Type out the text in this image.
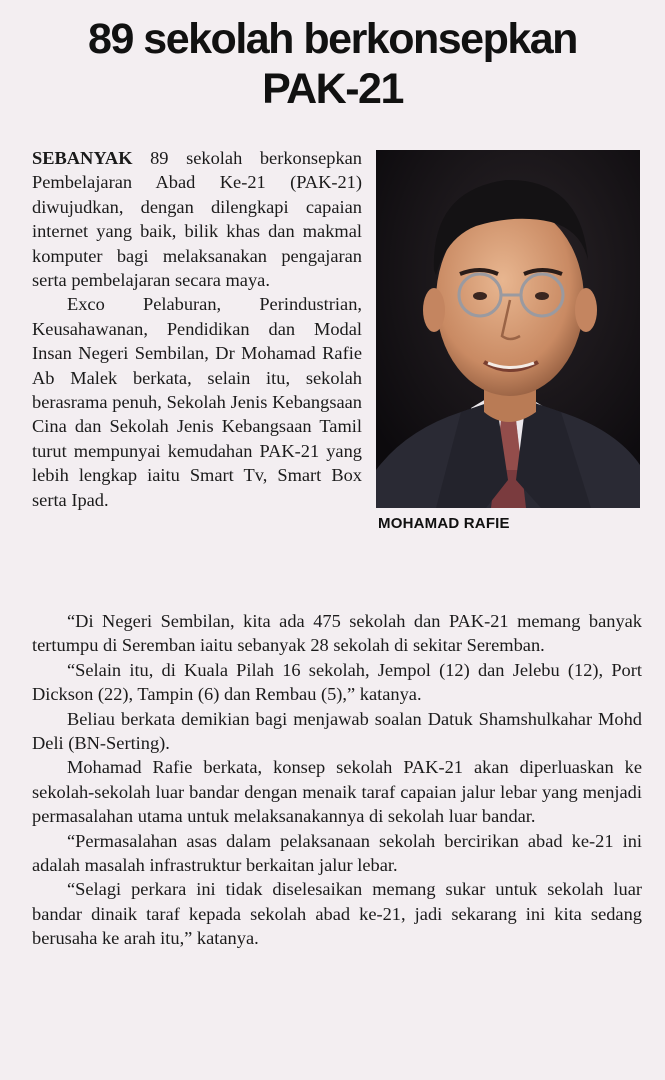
89 sekolah berkonsepkan
PAK-21
MOHAMAD RAFIE

SEBANYAK 89 sekolah berkonsepkan Pembelajaran Abad Ke-21 (PAK-21) diwujudkan, dengan dilengkapi capaian internet yang baik, bilik khas dan makmal komputer bagi melaksanakan pengajaran serta pembelajaran secara maya.

Exco Pelaburan, Perindustrian, Keusahawanan, Pendidikan dan Modal Insan Negeri Sembilan, Dr Mohamad Rafie Ab Malek berkata, selain itu, sekolah berasrama penuh, Sekolah Jenis Kebangsaan Cina dan Sekolah Jenis Kebangsaan Tamil turut mempunyai kemudahan PAK-21 yang lebih lengkap iaitu Smart Tv, Smart Box serta Ipad.

“Di Negeri Sembilan, kita ada 475 sekolah dan PAK-21 memang banyak tertumpu di Seremban iaitu sebanyak 28 sekolah di sekitar Seremban.

“Selain itu, di Kuala Pilah 16 sekolah, Jempol (12) dan Jelebu (12), Port Dickson (22), Tampin (6) dan Rembau (5),” katanya.

Beliau berkata demikian bagi menjawab soalan Datuk Shamshulkahar Mohd Deli (BN-Serting).

Mohamad Rafie berkata, konsep sekolah PAK-21 akan diperluaskan ke sekolah-sekolah luar bandar dengan menaik taraf capaian jalur lebar yang menjadi permasalahan utama untuk melaksanakannya di sekolah luar bandar.

“Permasalahan asas dalam pelaksanaan sekolah bercirikan abad ke-21 ini adalah masalah infrastruktur berkaitan jalur lebar.

“Selagi perkara ini tidak diselesaikan memang sukar untuk sekolah luar bandar dinaik taraf kepada sekolah abad ke-21, jadi sekarang ini kita sedang berusaha ke arah itu,” katanya.
